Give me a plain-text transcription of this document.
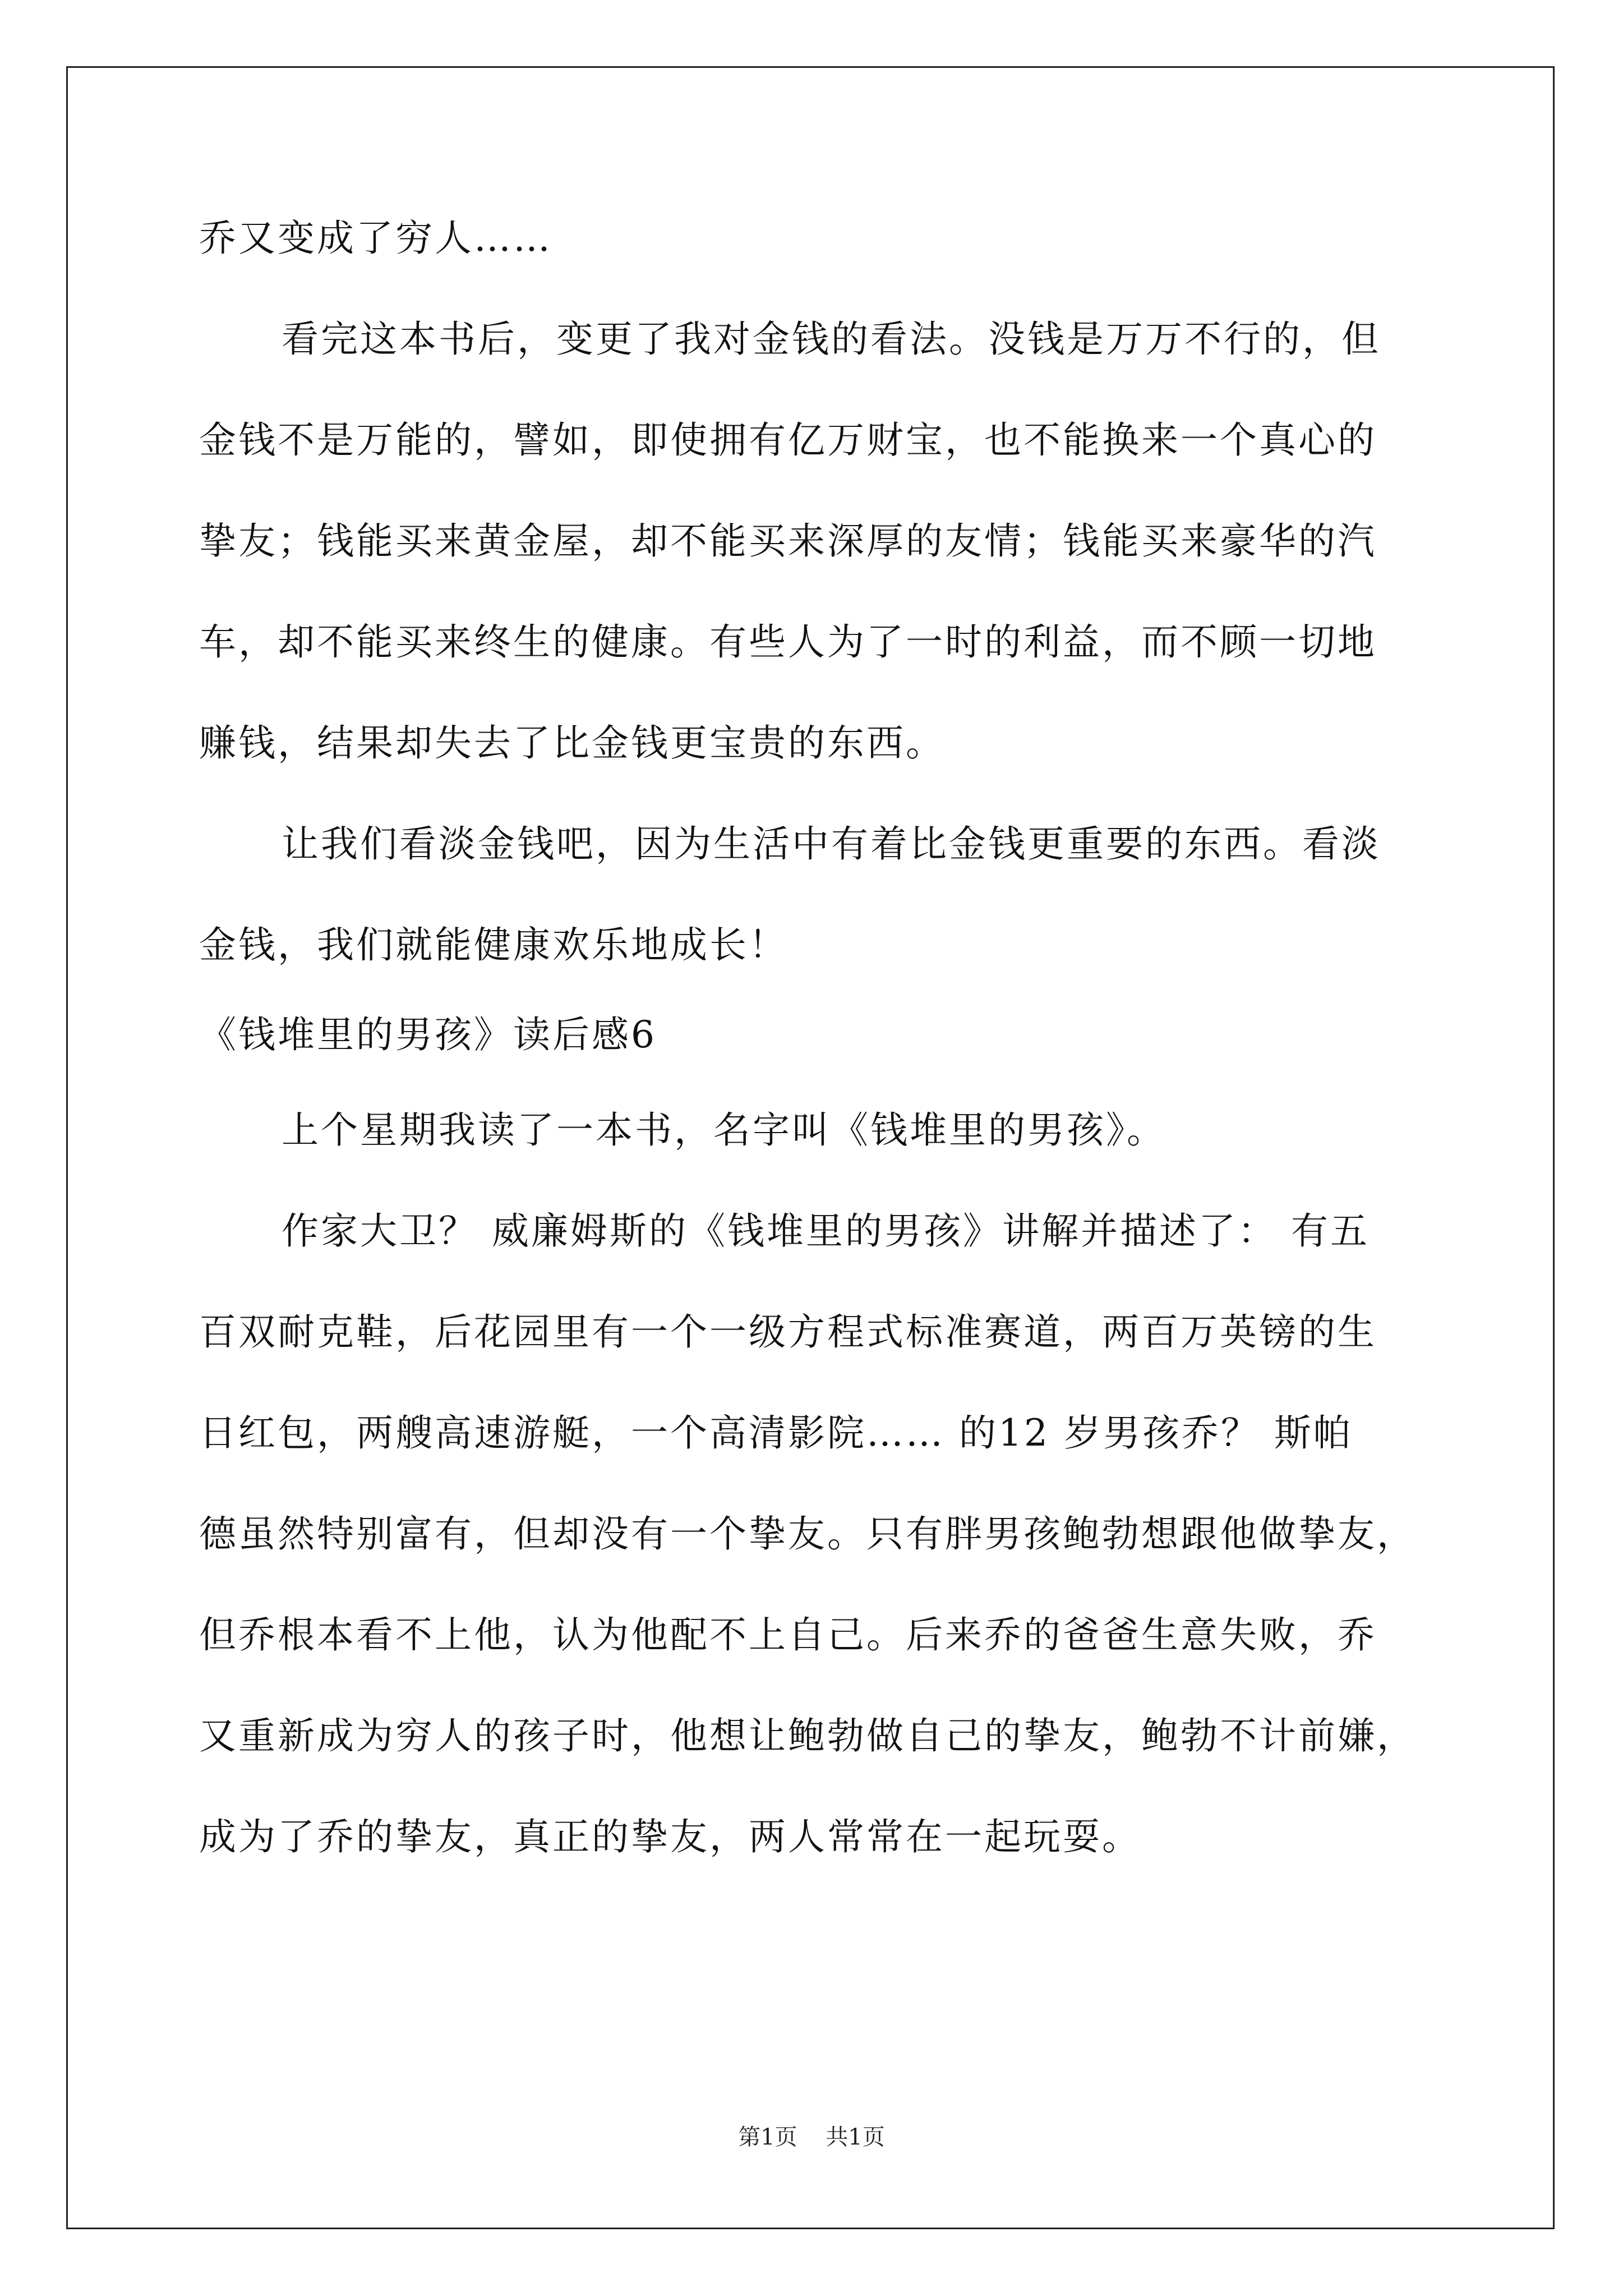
乔又变成了穷人……
看完这本书后，变更了我对金钱的看法。没钱是万万不行的，但
金钱不是万能的，譬如，即使拥有亿万财宝，也不能换来一个真心的
挚友；钱能买来黄金屋，却不能买来深厚的友情；钱能买来豪华的汽
车，却不能买来终生的健康。有些人为了一时的利益，而不顾一切地
赚钱，结果却失去了比金钱更宝贵的东西。
让我们看淡金钱吧，因为生活中有着比金钱更重要的东西。看淡
金钱，我们就能健康欢乐地成长！
《钱堆里的男孩》读后感6
上个星期我读了一本书，名字叫《钱堆里的男孩》。
作家大卫？ 威廉姆斯的《钱堆里的男孩》讲解并描述了： 有五
百双耐克鞋，后花园里有一个一级方程式标准赛道，两百万英镑的生
日红包，两艘高速游艇，一个高清影院…… 的12 岁男孩乔？ 斯帕
德虽然特别富有，但却没有一个挚友。只有胖男孩鲍勃想跟他做挚友，
但乔根本看不上他，认为他配不上自己。后来乔的爸爸生意失败，乔
又重新成为穷人的孩子时，他想让鲍勃做自己的挚友，鲍勃不计前嫌，
成为了乔的挚友，真正的挚友，两人常常在一起玩耍。
第1页 共1页
